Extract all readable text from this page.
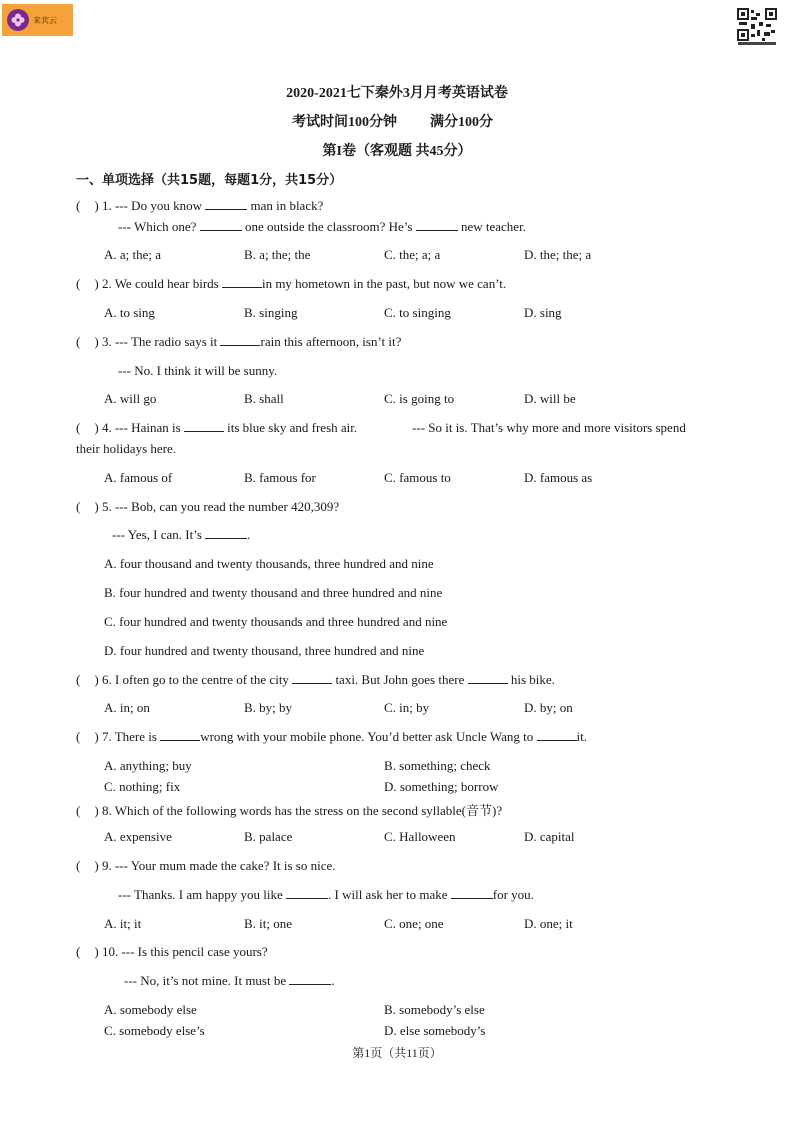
来宾云
2020-2021七下秦外3月月考英语试卷
考试时间100分钟 满分100分
第I卷（客观题 共45分）
一、单项选择（共15题，每题1分，共15分）
( ) 1. --- Do you know	man in black?
--- Which one?	one outside the classroom? He’s	new teacher.
A. a; the; a	B. a; the; the	C. the; a; a	D. the; the; a
( ) 2. We could hear birds	in my hometown in the past, but now we can’t.
A. to sing	B. singing	C. to singing	D. sing
( ) 3. --- The radio says it	rain this afternoon, isn’t it?
--- No. I think it will be sunny.
A. will go	B. shall	C. is going to	D. will be
( ) 4. --- Hainan is	its blue sky and fresh air.	--- So it is. That’s why more and more visitors spend
their holidays here.
A. famous of	B. famous for	C. famous to	D. famous as
( ) 5. --- Bob, can you read the number 420,309?
--- Yes, I can. It’s	.
A. four thousand and twenty thousands, three hundred and nine
B. four hundred and twenty thousand and three hundred and nine
C. four hundred and twenty thousands and three hundred and nine
D. four hundred and twenty thousand, three hundred and nine
( ) 6. I often go to the centre of the city	taxi. But John goes there	his bike.
A. in; on	B. by; by	C. in; by	D. by; on
( ) 7. There is	wrong with your mobile phone. You’d better ask Uncle Wang to	it.
A. anything; buy	B. something; check
C. nothing; fix	D. something; borrow
( ) 8. Which of the following words has the stress on the second syllable(音节)?
A. expensive	B. palace	C. Halloween	D. capital
( ) 9. --- Your mum made the cake? It is so nice.
--- Thanks. I am happy you like	. I will ask her to make	for you.
A. it; it	B. it; one	C. one; one	D. one; it
( ) 10. --- Is this pencil case yours?
--- No, it’s not mine. It must be	.
A. somebody else	B. somebody’s else
C. somebody else’s	D. else somebody’s
第1页（共11页）
